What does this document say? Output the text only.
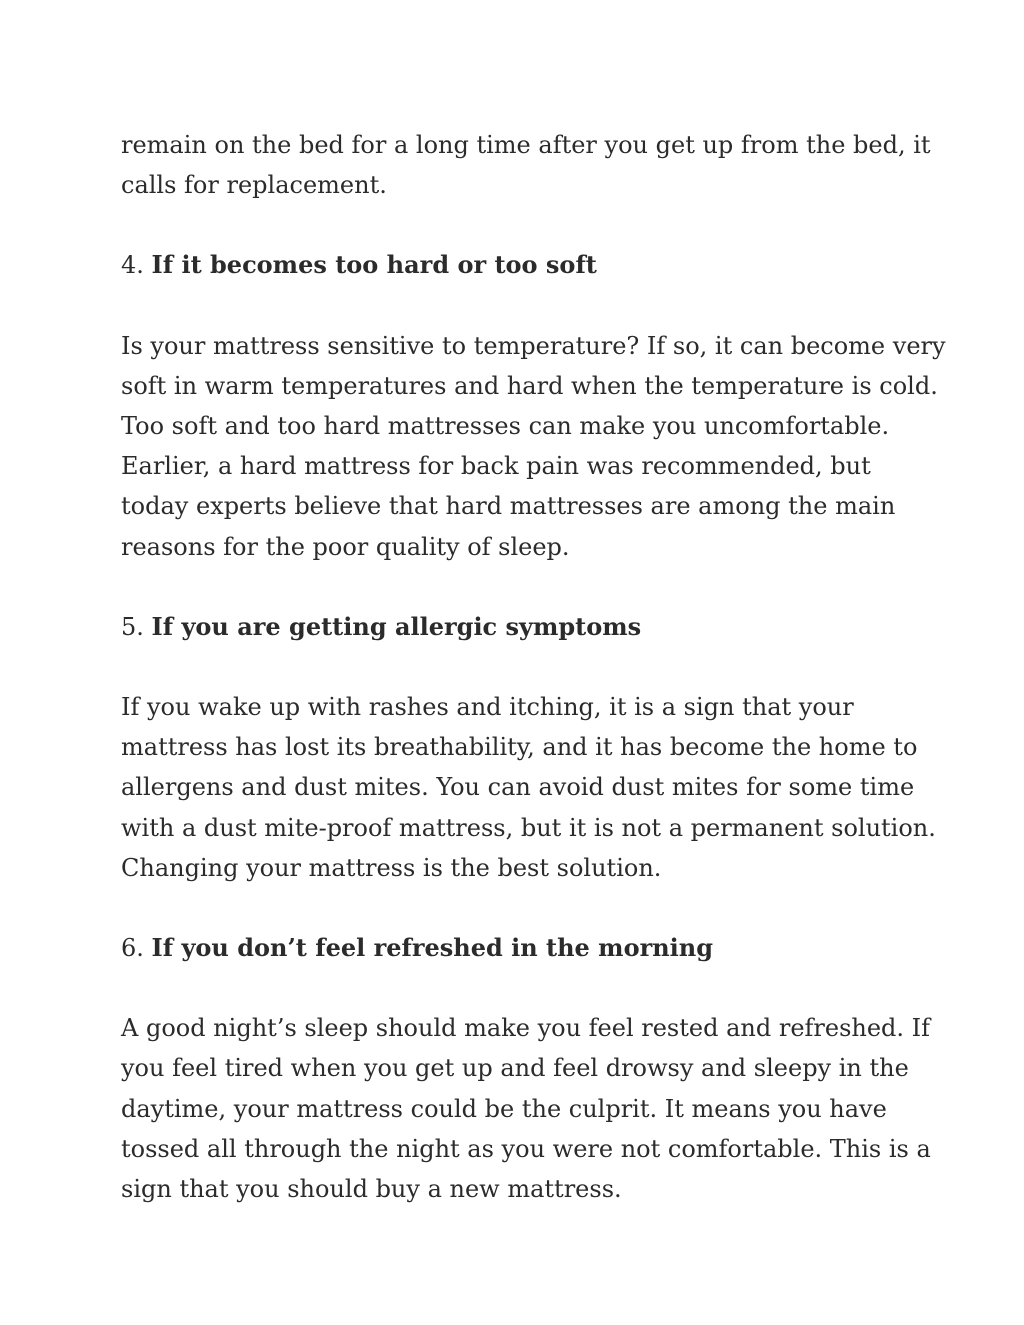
remain on the bed for a long time after you get up from the bed, it
calls for replacement.

4. If it becomes too hard or too soft

Is your mattress sensitive to temperature? If so, it can become very
soft in warm temperatures and hard when the temperature is cold.
Too soft and too hard mattresses can make you uncomfortable.
Earlier, a hard mattress for back pain was recommended, but
today experts believe that hard mattresses are among the main
reasons for the poor quality of sleep.

5. If you are getting allergic symptoms

If you wake up with rashes and itching, it is a sign that your
mattress has lost its breathability, and it has become the home to
allergens and dust mites. You can avoid dust mites for some time
with a dust mite-proof mattress, but it is not a permanent solution.
Changing your mattress is the best solution.

6. If you don’t feel refreshed in the morning

A good night’s sleep should make you feel rested and refreshed. If
you feel tired when you get up and feel drowsy and sleepy in the
daytime, your mattress could be the culprit. It means you have
tossed all through the night as you were not comfortable. This is a
sign that you should buy a new mattress.
